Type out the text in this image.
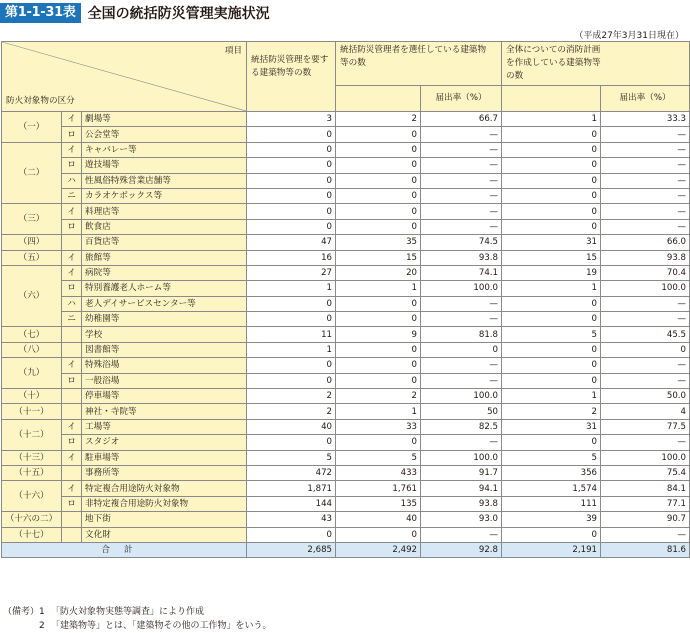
第1-1-31表 全国の統括防災管理実施状況
（平成27年3月31日現在）
項目
防火対象物の区分			統括防災管理を要する建築物等の数	統括防災管理者を選任している建築物等の数		全体についての消防計画を作成している建築物等の数	

					届出率（%）		届出率（%）
（一）	イ	劇場等	3	2	66.7	1	33.3
	ロ	公会堂等	0	0	—	0	—
（二）	イ	キャバレー等	0	0	—	0	—
	ロ	遊技場等	0	0	—	0	—
	ハ	性風俗特殊営業店舗等	0	0	—	0	—
	ニ	カラオケボックス等	0	0	—	0	—
（三）	イ	料理店等	0	0	—	0	—
	ロ	飲食店	0	0	—	0	—
（四）		百貨店等	47	35	74.5	31	66.0
（五）	イ	旅館等	16	15	93.8	15	93.8
（六）	イ	病院等	27	20	74.1	19	70.4
	ロ	特別養護老人ホーム等	1	1	100.0	1	100.0
	ハ	老人デイサービスセンター等	0	0	—	0	—
	ニ	幼稚園等	0	0	—	0	—
（七）		学校	11	9	81.8	5	45.5
（八）		図書館等	1	0	0	0	0
（九）	イ	特殊浴場	0	0	—	0	—
	ロ	一般浴場	0	0	—	0	—
（十）		停車場等	2	2	100.0	1	50.0
（十一）		神社・寺院等	2	1	50	2	4
（十二）	イ	工場等	40	33	82.5	31	77.5
	ロ	スタジオ	0	0	—	0	—
（十三）	イ	駐車場等	5	5	100.0	5	100.0
（十五）		事務所等	472	433	91.7	356	75.4
（十六）	イ	特定複合用途防火対象物	1,871	1,761	94.1	1,574	84.1
	ロ	非特定複合用途防火対象物	144	135	93.8	111	77.1
（十六の二）		地下街	43	40	93.0	39	90.7
（十七）		文化財	0	0	—	0	—
合計			2,685	2,492	92.8	2,191	81.6
（備考） 1 「防火対象物実態等調査」により作成
2 「建築物等」とは、「建築物その他の工作物」をいう。
